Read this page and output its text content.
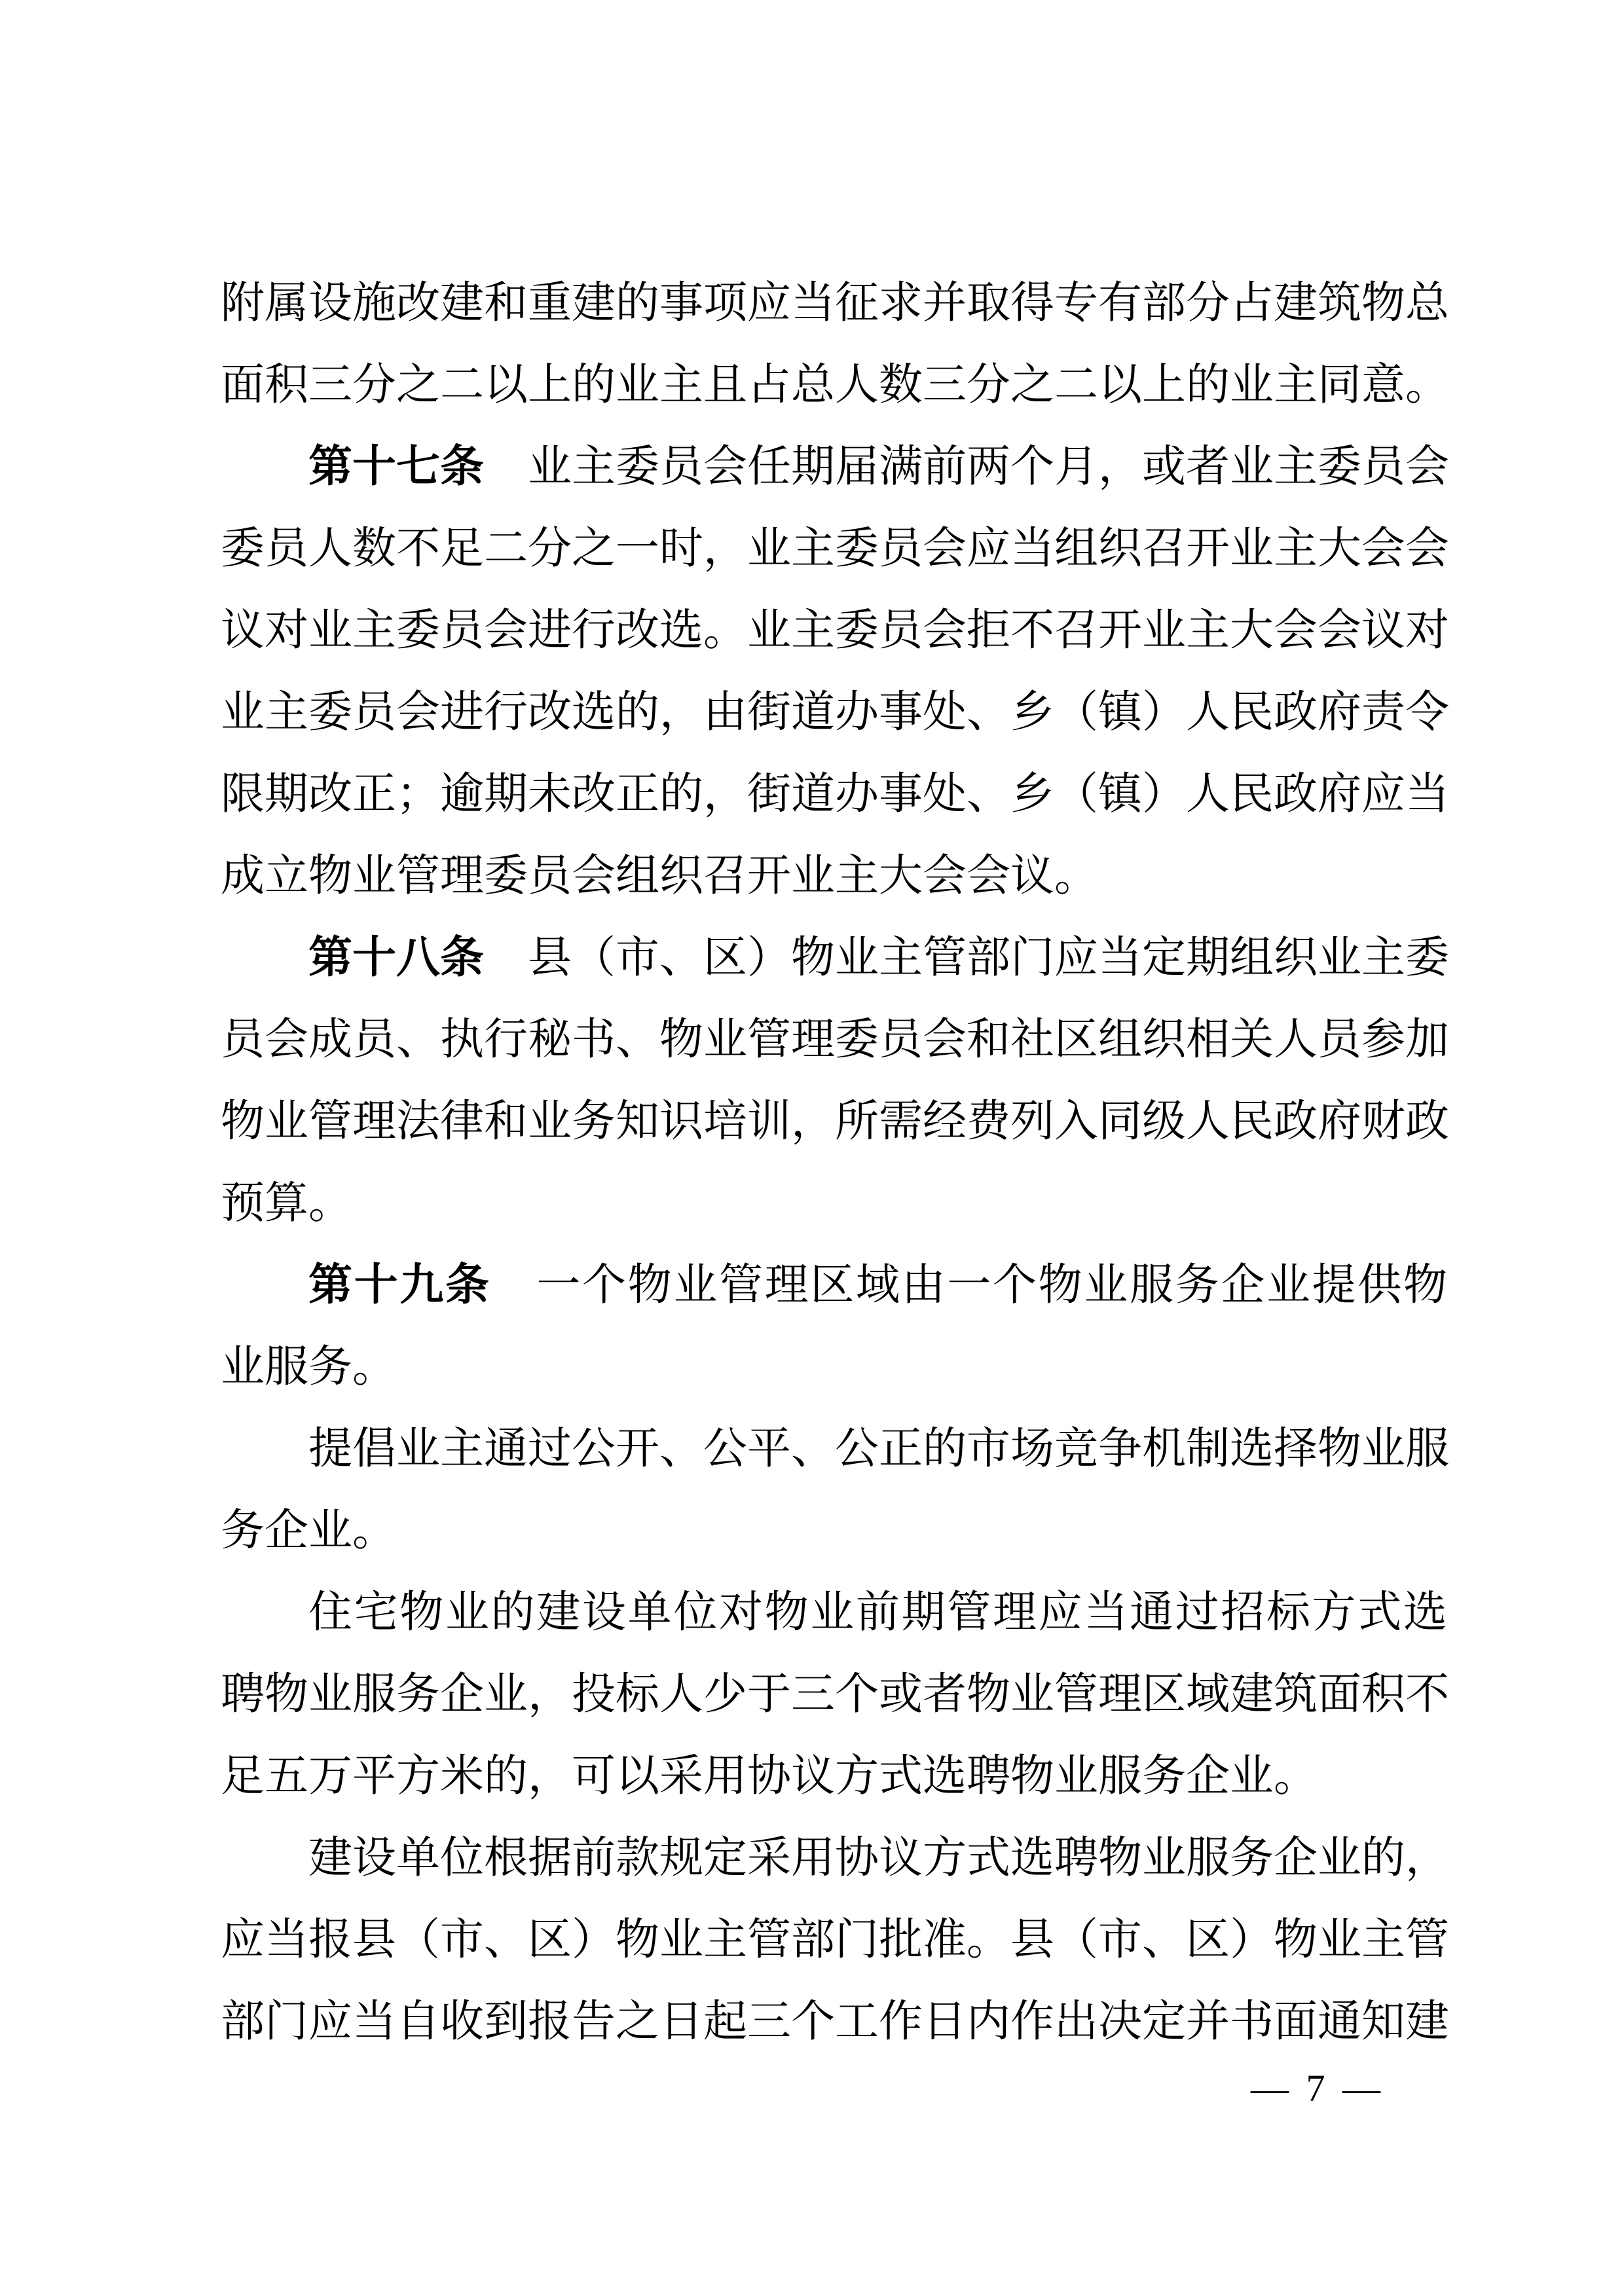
附属设施改建和重建的事项应当征求并取得专有部分占建筑物总
面积三分之二以上的业主且占总人数三分之二以上的业主同意。
第十七条　业主委员会任期届满前两个月，或者业主委员会
委员人数不足二分之一时，业主委员会应当组织召开业主大会会
议对业主委员会进行改选。业主委员会拒不召开业主大会会议对
业主委员会进行改选的，由街道办事处、乡（镇）人民政府责令
限期改正；逾期未改正的，街道办事处、乡（镇）人民政府应当
成立物业管理委员会组织召开业主大会会议。
第十八条　县（市、区）物业主管部门应当定期组织业主委
员会成员、执行秘书、物业管理委员会和社区组织相关人员参加
物业管理法律和业务知识培训，所需经费列入同级人民政府财政
预算。
第十九条　一个物业管理区域由一个物业服务企业提供物
业服务。
提倡业主通过公开、公平、公正的市场竞争机制选择物业服
务企业。
住宅物业的建设单位对物业前期管理应当通过招标方式选
聘物业服务企业，投标人少于三个或者物业管理区域建筑面积不
足五万平方米的，可以采用协议方式选聘物业服务企业。
建设单位根据前款规定采用协议方式选聘物业服务企业的，
应当报县（市、区）物业主管部门批准。县（市、区）物业主管
部门应当自收到报告之日起三个工作日内作出决定并书面通知建
— 7 —
